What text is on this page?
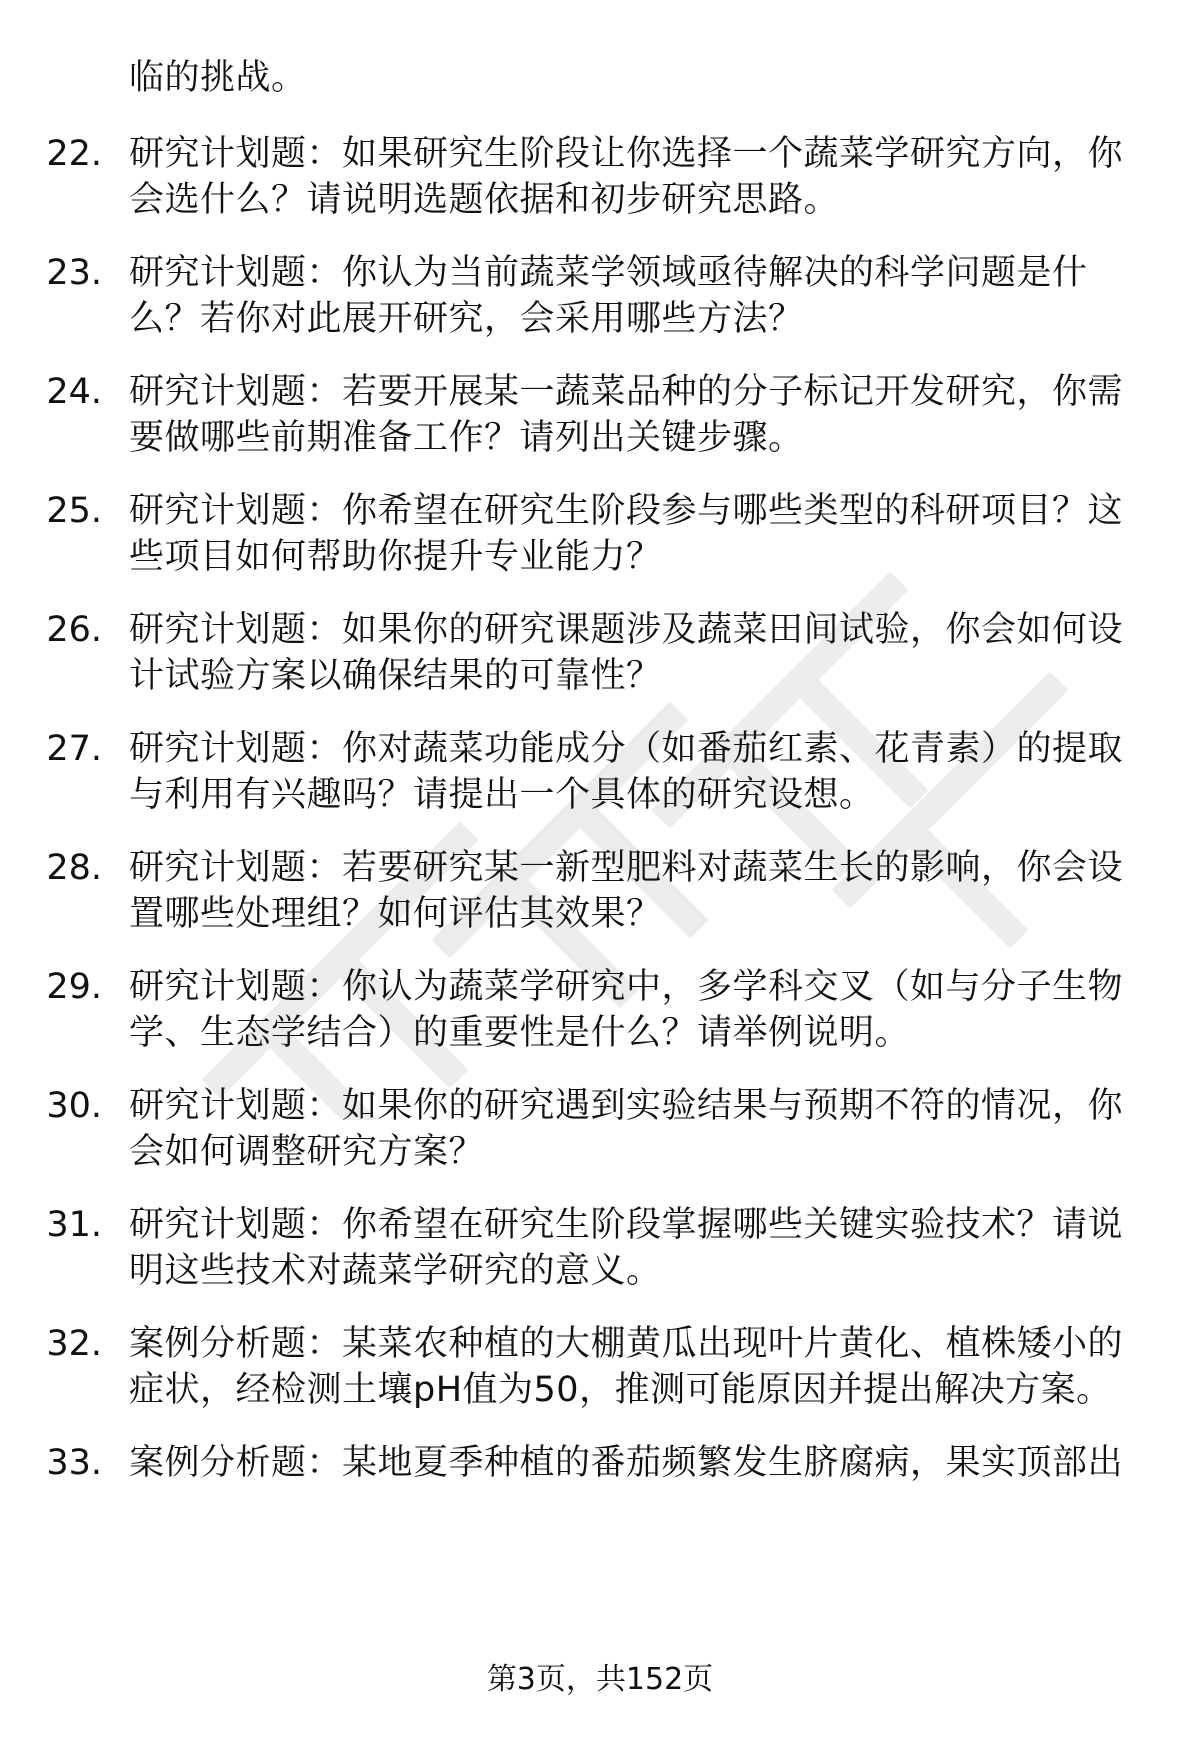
临的挑战。
22. 研究计划题：如果研究生阶段让你选择一个蔬菜学研究方向，你
会选什么？请说明选题依据和初步研究思路。
23. 研究计划题：你认为当前蔬菜学领域亟待解决的科学问题是什
么？若你对此展开研究，会采用哪些方法？
24. 研究计划题：若要开展某一蔬菜品种的分子标记开发研究，你需
要做哪些前期准备工作？请列出关键步骤。
25. 研究计划题：你希望在研究生阶段参与哪些类型的科研项目？这
些项目如何帮助你提升专业能力？
26. 研究计划题：如果你的研究课题涉及蔬菜田间试验，你会如何设
计试验方案以确保结果的可靠性？
27. 研究计划题：你对蔬菜功能成分（如番茄红素、花青素）的提取
与利用有兴趣吗？请提出一个具体的研究设想。
28. 研究计划题：若要研究某一新型肥料对蔬菜生长的影响，你会设
置哪些处理组？如何评估其效果？
29. 研究计划题：你认为蔬菜学研究中，多学科交叉（如与分子生物
学、生态学结合）的重要性是什么？请举例说明。
30. 研究计划题：如果你的研究遇到实验结果与预期不符的情况，你
会如何调整研究方案？
31. 研究计划题：你希望在研究生阶段掌握哪些关键实验技术？请说
明这些技术对蔬菜学研究的意义。
32. 案例分析题：某菜农种植的大棚黄瓜出现叶片黄化、植株矮小的
症状，经检测土壤pH值为50，推测可能原因并提出解决方案。
33. 案例分析题：某地夏季种植的番茄频繁发生脐腐病，果实顶部出
第3页，共152页
